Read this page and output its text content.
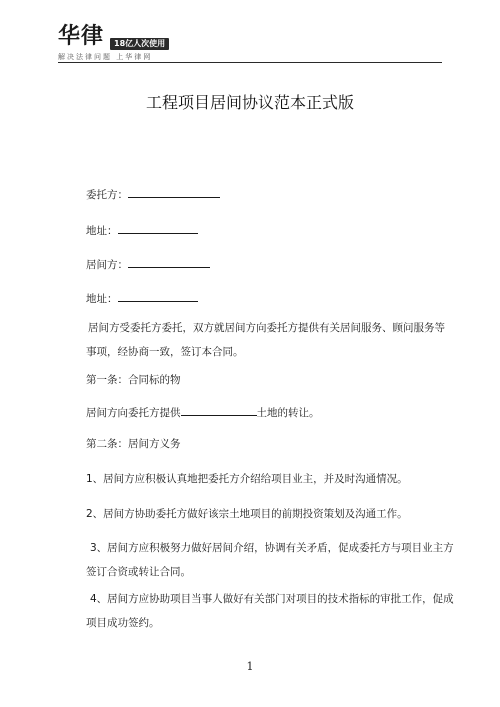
华律	18亿人次使用
解决法律问题 上华律网
工程项目居间协议范本正式版
委托方：
地址：
居间方：
地址：
居间方受委托方委托，双方就居间方向委托方提供有关居间服务、顾问服务等事项，经协商一致，签订本合同。
第一条：合同标的物
居间方向委托方提供	土地的转让。
第二条：居间方义务
1、居间方应积极认真地把委托方介绍给项目业主，并及时沟通情况。
2、居间方协助委托方做好该宗土地项目的前期投资策划及沟通工作。
3、居间方应积极努力做好居间介绍，协调有关矛盾，促成委托方与项目业主方签订合资或转让合同。
4、居间方应协助项目当事人做好有关部门对项目的技术指标的审批工作，促成项目成功签约。
1
